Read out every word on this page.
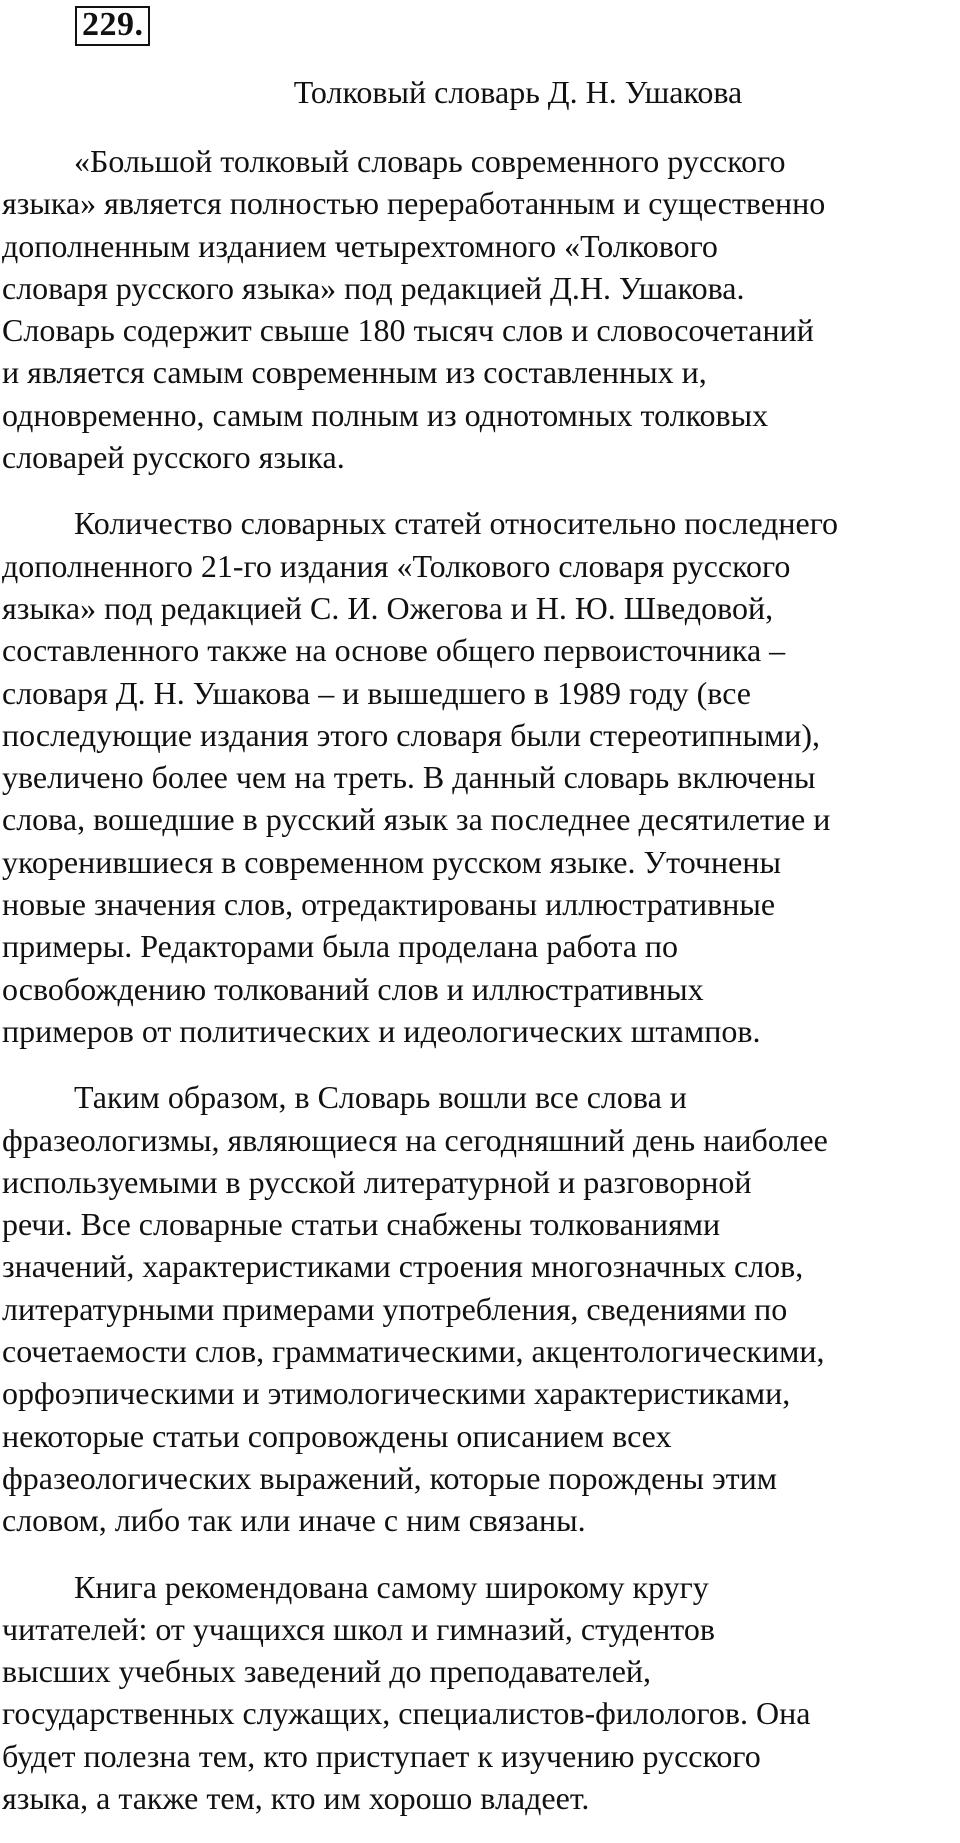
229.
Толковый словарь Д. Н. Ушакова

«Большой толковый словарь современного русского
языка» является полностью переработанным и существенно
дополненным изданием четырехтомного «Толкового
словаря русского языка» под редакцией Д.Н. Ушакова.
Словарь содержит свыше 180 тысяч слов и словосочетаний
и является самым современным из составленных и,
одновременно, самым полным из однотомных толковых
словарей русского языка.

Количество словарных статей относительно последнего
дополненного 21-го издания «Толкового словаря русского
языка» под редакцией С. И. Ожегова и Н. Ю. Шведовой,
составленного также на основе общего первоисточника –
словаря Д. Н. Ушакова – и вышедшего в 1989 году (все
последующие издания этого словаря были стереотипными),
увеличено более чем на треть. В данный словарь включены
слова, вошедшие в русский язык за последнее десятилетие и
укоренившиеся в современном русском языке. Уточнены
новые значения слов, отредактированы иллюстративные
примеры. Редакторами была проделана работа по
освобождению толкований слов и иллюстративных
примеров от политических и идеологических штампов.

Таким образом, в Словарь вошли все слова и
фразеологизмы, являющиеся на сегодняшний день наиболее
используемыми в русской литературной и разговорной
речи. Все словарные статьи снабжены толкованиями
значений, характеристиками строения многозначных слов,
литературными примерами употребления, сведениями по
сочетаемости слов, грамматическими, акцентологическими,
орфоэпическими и этимологическими характеристиками,
некоторые статьи сопровождены описанием всех
фразеологических выражений, которые порождены этим
словом, либо так или иначе с ним связаны.

Книга рекомендована самому широкому кругу
читателей: от учащихся школ и гимназий, студентов
высших учебных заведений до преподавателей,
государственных служащих, специалистов-филологов. Она
будет полезна тем, кто приступает к изучению русского
языка, а также тем, кто им хорошо владеет.
